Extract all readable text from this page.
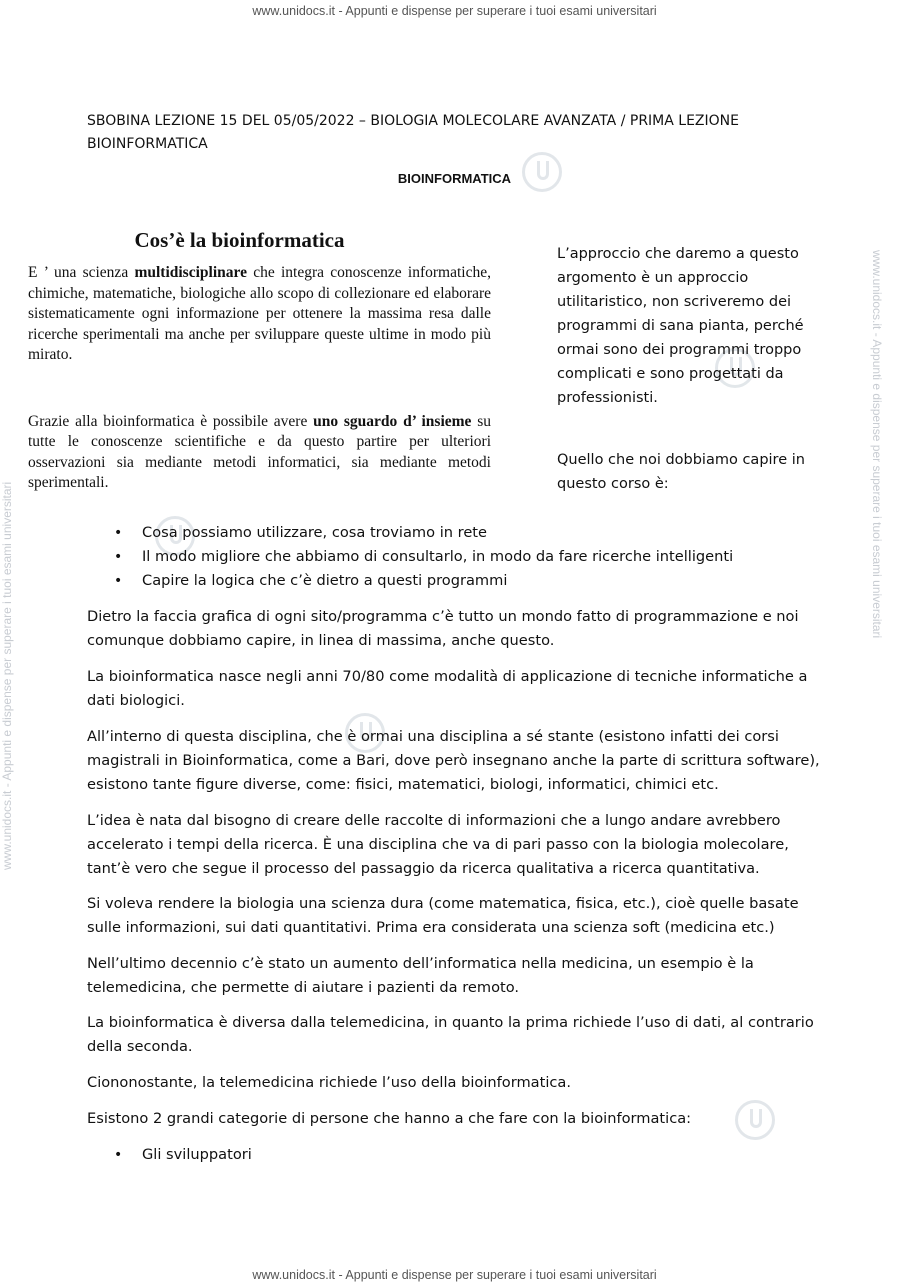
www.unidocs.it - Appunti e dispense per superare i tuoi esami universitari
www.unidocs.it - Appunti e dispense per superare i tuoi esami universitari
www.unidocs.it - Appunti e dispense per superare i tuoi esami universitari
www.unidocs.it - Appunti e dispense per superare i tuoi esami universitari
SBOBINA LEZIONE 15 DEL 05/05/2022 – BIOLOGIA MOLECOLARE AVANZATA / PRIMA LEZIONE BIOINFORMATICA
BIOINFORMATICA
Cos’è la bioinformatica

E ’ una scienza multidisciplinare che integra conoscenze informatiche, chimiche, matematiche, biologiche allo scopo di collezionare ed elaborare sistematicamente ogni informazione per ottenere la massima resa dalle ricerche sperimentali ma anche per sviluppare queste ultime in modo più mirato.

Grazie alla bioinformatica è possibile avere uno sguardo d’ insieme su tutte le conoscenze scientifiche e da questo partire per ulteriori osservazioni sia mediante metodi informatici, sia mediante metodi sperimentali.

L’approccio che daremo a questo argomento è un approccio utilitaristico, non scriveremo dei programmi di sana pianta, perché ormai sono dei programmi troppo complicati e sono progettati da professionisti.

Quello che noi dobbiamo capire in questo corso è:

• Cosa possiamo utilizzare, cosa troviamo in rete
• Il modo migliore che abbiamo di consultarlo, in modo da fare ricerche intelligenti
• Capire la logica che c’è dietro a questi programmi

Dietro la faccia grafica di ogni sito/programma c’è tutto un mondo fatto di programmazione e noi comunque dobbiamo capire, in linea di massima, anche questo.

La bioinformatica nasce negli anni 70/80 come modalità di applicazione di tecniche informatiche a dati biologici.

All’interno di questa disciplina, che è ormai una disciplina a sé stante (esistono infatti dei corsi magistrali in Bioinformatica, come a Bari, dove però insegnano anche la parte di scrittura software), esistono tante figure diverse, come: fisici, matematici, biologi, informatici, chimici etc.

L’idea è nata dal bisogno di creare delle raccolte di informazioni che a lungo andare avrebbero accelerato i tempi della ricerca. È una disciplina che va di pari passo con la biologia molecolare, tant’è vero che segue il processo del passaggio da ricerca qualitativa a ricerca quantitativa.

Si voleva rendere la biologia una scienza dura (come matematica, fisica, etc.), cioè quelle basate sulle informazioni, sui dati quantitativi. Prima era considerata una scienza soft (medicina etc.)

Nell’ultimo decennio c’è stato un aumento dell’informatica nella medicina, un esempio è la telemedicina, che permette di aiutare i pazienti da remoto.

La bioinformatica è diversa dalla telemedicina, in quanto la prima richiede l’uso di dati, al contrario della seconda.

Ciononostante, la telemedicina richiede l’uso della bioinformatica.

Esistono 2 grandi categorie di persone che hanno a che fare con la bioinformatica:

• Gli sviluppatori
